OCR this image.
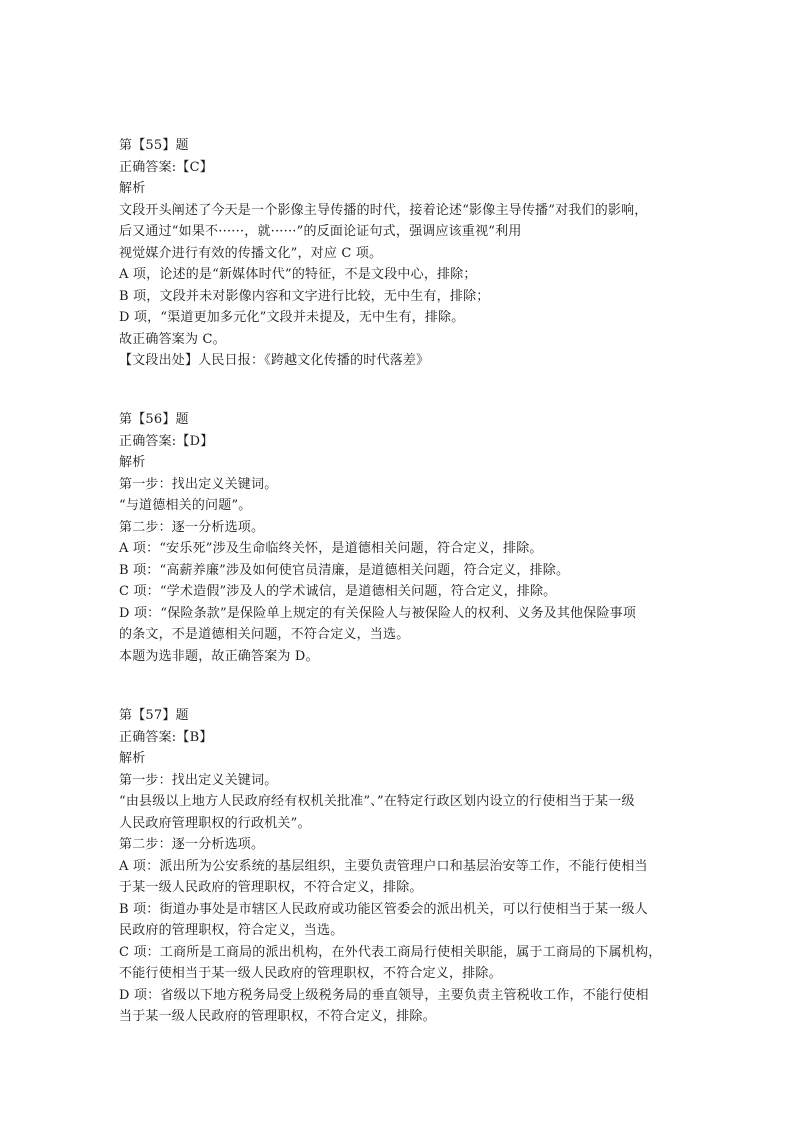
第【55】题
正确答案:【C】
解析
文段开头阐述了今天是一个影像主导传播的时代，接着论述“影像主导传播”对我们的影响，
后又通过“如果不······，就······”的反面论证句式，强调应该重视“利用
视觉媒介进行有效的传播文化”，对应 C 项。
A 项，论述的是“新媒体时代”的特征，不是文段中心，排除；
B 项，文段并未对影像内容和文字进行比较，无中生有，排除；
D 项，“渠道更加多元化”文段并未提及，无中生有，排除。
故正确答案为 C。
【文段出处】人民日报：《跨越文化传播的时代落差》
第【56】题
正确答案:【D】
解析
第一步：找出定义关键词。
“与道德相关的问题”。
第二步：逐一分析选项。
A 项：“安乐死”涉及生命临终关怀，是道德相关问题，符合定义，排除。
B 项：“高薪养廉”涉及如何使官员清廉，是道德相关问题，符合定义，排除。
C 项：“学术造假”涉及人的学术诚信，是道德相关问题，符合定义，排除。
D 项：“保险条款”是保险单上规定的有关保险人与被保险人的权利、义务及其他保险事项
的条文，不是道德相关问题，不符合定义，当选。
本题为选非题，故正确答案为 D。
第【57】题
正确答案:【B】
解析
第一步：找出定义关键词。
“由县级以上地方人民政府经有权机关批准”、”在特定行政区划内设立的行使相当于某一级
人民政府管理职权的行政机关”。
第二步：逐一分析选项。
A 项：派出所为公安系统的基层组织，主要负责管理户口和基层治安等工作，不能行使相当
于某一级人民政府的管理职权，不符合定义，排除。
B 项：街道办事处是市辖区人民政府或功能区管委会的派出机关，可以行使相当于某一级人
民政府的管理职权，符合定义，当选。
C 项：工商所是工商局的派出机构，在外代表工商局行使相关职能，属于工商局的下属机构，
不能行使相当于某一级人民政府的管理职权，不符合定义，排除。
D 项：省级以下地方税务局受上级税务局的垂直领导，主要负责主管税收工作，不能行使相
当于某一级人民政府的管理职权，不符合定义，排除。
